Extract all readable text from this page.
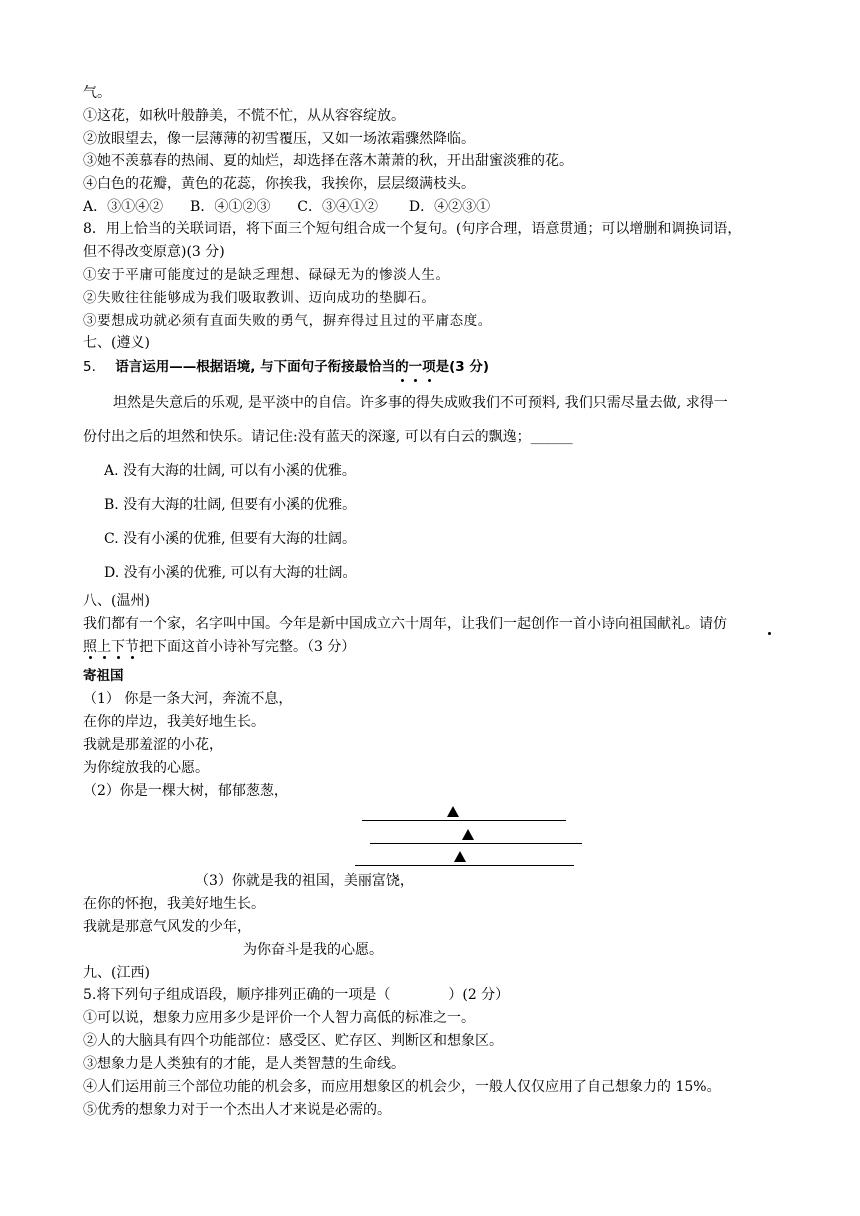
气。
①这花，如秋叶般静美，不慌不忙，从从容容绽放。
②放眼望去，像一层薄薄的初雪覆压，又如一场浓霜骤然降临。
③她不羡慕春的热闹、夏的灿烂，却选择在落木萧萧的秋，开出甜蜜淡雅的花。
④白色的花瓣，黄色的花蕊，你挨我，我挨你，层层缀满枝头。
A．③①④② B．④①②③ C．③④①② D．④②③①
8．用上恰当的关联词语，将下面三个短句组合成一个复句。(句序合理，语意贯通；可以增删和调换词语，
但不得改变原意)(3 分)
①安于平庸可能度过的是缺乏理想、碌碌无为的惨淡人生。
②失败往往能够成为我们吸取教训、迈向成功的垫脚石。
③要想成功就必须有直面失败的勇气，摒弃得过且过的平庸态度。
七、(遵义)
5. 语言运用——根据语境, 与下面句子衔接最恰当的一项是(3 分)
坦然是失意后的乐观, 是平淡中的自信。许多事的得失成败我们不可预料, 我们只需尽量去做, 求得一
份付出之后的坦然和快乐。请记住:没有蓝天的深邃, 可以有白云的飘逸；______
A. 没有大海的壮阔, 可以有小溪的优雅。
B. 没有大海的壮阔, 但要有小溪的优雅。
C. 没有小溪的优雅, 但要有大海的壮阔。
D. 没有小溪的优雅, 可以有大海的壮阔。
八、(温州)
我们都有一个家，名字叫中国。今年是新中国成立六十周年，让我们一起创作一首小诗向祖国献礼。请仿
照上下节把下面这首小诗补写完整。（3 分）
寄祖国
（1） 你是一条大河，奔流不息，
在你的岸边，我美好地生长。
我就是那羞涩的小花，
为你绽放我的心愿。
（2）你是一棵大树，郁郁葱葱，
（3）你就是我的祖国，美丽富饶，
在你的怀抱，我美好地生长。
我就是那意气风发的少年，
为你奋斗是我的心愿。
九、(江西)
5.将下列句子组成语段，顺序排列正确的一项是（	）(2 分）
①可以说，想象力应用多少是评价一个人智力高低的标准之一。
②人的大脑具有四个功能部位：感受区、贮存区、判断区和想象区。
③想象力是人类独有的才能，是人类智慧的生命线。
④人们运用前三个部位功能的机会多，而应用想象区的机会少，一般人仅仅应用了自己想象力的 15%。
⑤优秀的想象力对于一个杰出人才来说是必需的。
